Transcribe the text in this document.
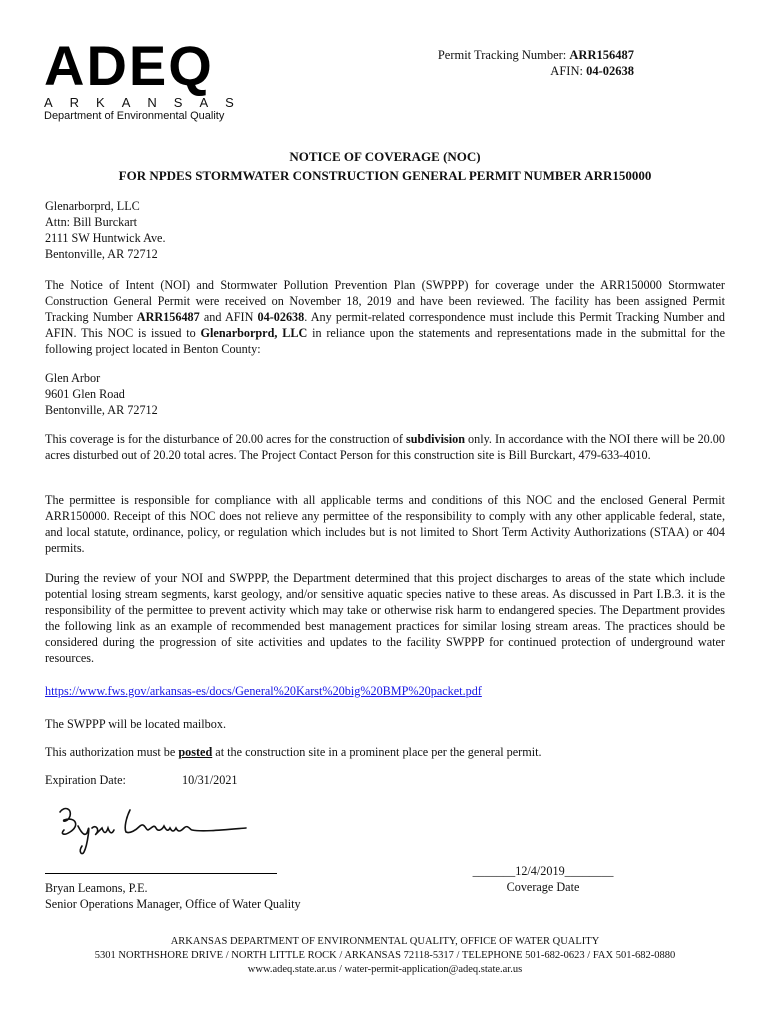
ADEQ
ARKANSAS
Department of Environmental Quality
Permit Tracking Number: ARR156487
AFIN: 04-02638
NOTICE OF COVERAGE (NOC)
FOR NPDES STORMWATER CONSTRUCTION GENERAL PERMIT NUMBER ARR150000
Glenarborprd, LLC
Attn: Bill Burckart
2111 SW Huntwick Ave.
Bentonville, AR 72712
The Notice of Intent (NOI) and Stormwater Pollution Prevention Plan (SWPPP) for coverage under the ARR150000 Stormwater Construction General Permit were received on November 18, 2019 and have been reviewed. The facility has been assigned Permit Tracking Number ARR156487 and AFIN 04-02638. Any permit-related correspondence must include this Permit Tracking Number and AFIN. This NOC is issued to Glenarborprd, LLC in reliance upon the statements and representations made in the submittal for the following project located in Benton County:
Glen Arbor
9601 Glen Road
Bentonville, AR 72712
This coverage is for the disturbance of 20.00 acres for the construction of subdivision only. In accordance with the NOI there will be 20.00 acres disturbed out of 20.20 total acres. The Project Contact Person for this construction site is Bill Burckart, 479-633-4010.
The permittee is responsible for compliance with all applicable terms and conditions of this NOC and the enclosed General Permit ARR150000. Receipt of this NOC does not relieve any permittee of the responsibility to comply with any other applicable federal, state, and local statute, ordinance, policy, or regulation which includes but is not limited to Short Term Activity Authorizations (STAA) or 404 permits.
During the review of your NOI and SWPPP, the Department determined that this project discharges to areas of the state which include potential losing stream segments, karst geology, and/or sensitive aquatic species native to these areas. As discussed in Part I.B.3. it is the responsibility of the permittee to prevent activity which may take or otherwise risk harm to endangered species. The Department provides the following link as an example of recommended best management practices for similar losing stream areas. The practices should be considered during the progression of site activities and updates to the facility SWPPP for continued protection of underground water resources.
https://www.fws.gov/arkansas-es/docs/General%20Karst%20big%20BMP%20packet.pdf
The SWPPP will be located mailbox.
This authorization must be posted at the construction site in a prominent place per the general permit.
Expiration Date:	10/31/2021
Bryan Leamons, P.E.
Senior Operations Manager, Office of Water Quality
_______12/4/2019________
Coverage Date
ARKANSAS DEPARTMENT OF ENVIRONMENTAL QUALITY, OFFICE OF WATER QUALITY
5301 NORTHSHORE DRIVE / NORTH LITTLE ROCK / ARKANSAS 72118-5317 / TELEPHONE 501-682-0623 / FAX 501-682-0880
www.adeq.state.ar.us / water-permit-application@adeq.state.ar.us
